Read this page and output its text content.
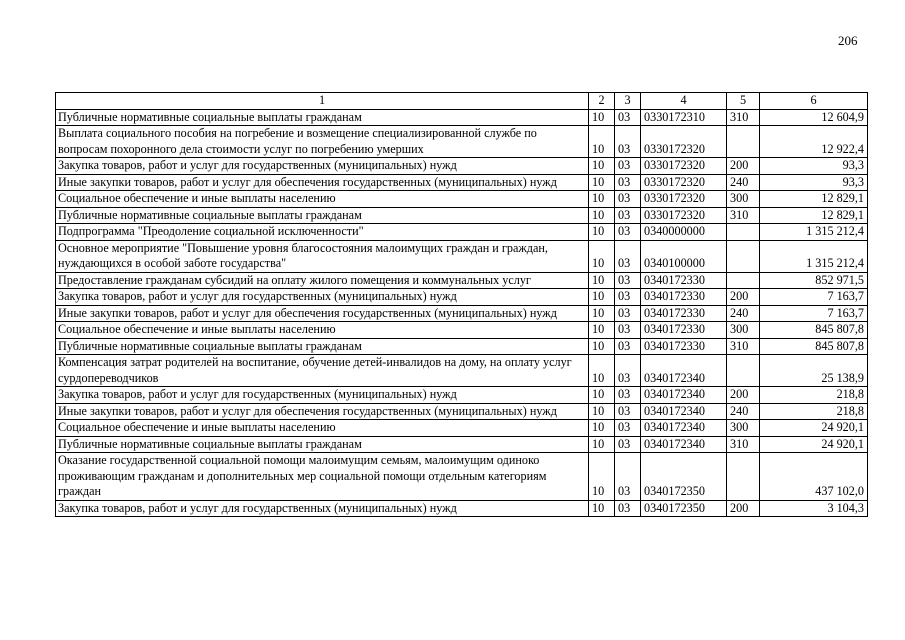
206
1	2	3	4	5	6
Публичные нормативные социальные выплаты гражданам	10	03	0330172310	310	12 604,9
Выплата социального пособия на погребение и возмещение специализированной службе по вопросам похоронного дела стоимости услуг по погребению умерших	10	03	0330172320		12 922,4
Закупка товаров, работ и услуг для государственных (муниципальных) нужд	10	03	0330172320	200	93,3
Иные закупки товаров, работ и услуг для обеспечения государственных (муниципальных) нужд	10	03	0330172320	240	93,3
Социальное обеспечение и иные выплаты населению	10	03	0330172320	300	12 829,1
Публичные нормативные социальные выплаты гражданам	10	03	0330172320	310	12 829,1
Подпрограмма "Преодоление социальной исключенности"	10	03	0340000000		1 315 212,4
Основное мероприятие "Повышение уровня благосостояния малоимущих граждан и граждан, нуждающихся в особой заботе государства"	10	03	0340100000		1 315 212,4
Предоставление гражданам субсидий на оплату жилого помещения и коммунальных услуг	10	03	0340172330		852 971,5
Закупка товаров, работ и услуг для государственных (муниципальных) нужд	10	03	0340172330	200	7 163,7
Иные закупки товаров, работ и услуг для обеспечения государственных (муниципальных) нужд	10	03	0340172330	240	7 163,7
Социальное обеспечение и иные выплаты населению	10	03	0340172330	300	845 807,8
Публичные нормативные социальные выплаты гражданам	10	03	0340172330	310	845 807,8
Компенсация затрат родителей на воспитание, обучение детей-инвалидов на дому, на оплату услуг сурдопереводчиков	10	03	0340172340		25 138,9
Закупка товаров, работ и услуг для государственных (муниципальных) нужд	10	03	0340172340	200	218,8
Иные закупки товаров, работ и услуг для обеспечения государственных (муниципальных) нужд	10	03	0340172340	240	218,8
Социальное обеспечение и иные выплаты населению	10	03	0340172340	300	24 920,1
Публичные нормативные социальные выплаты гражданам	10	03	0340172340	310	24 920,1
Оказание государственной социальной помощи малоимущим семьям, малоимущим одиноко проживающим гражданам и дополнительных мер социальной помощи отдельным категориям граждан	10	03	0340172350		437 102,0
Закупка товаров, работ и услуг для государственных (муниципальных) нужд	10	03	0340172350	200	3 104,3
